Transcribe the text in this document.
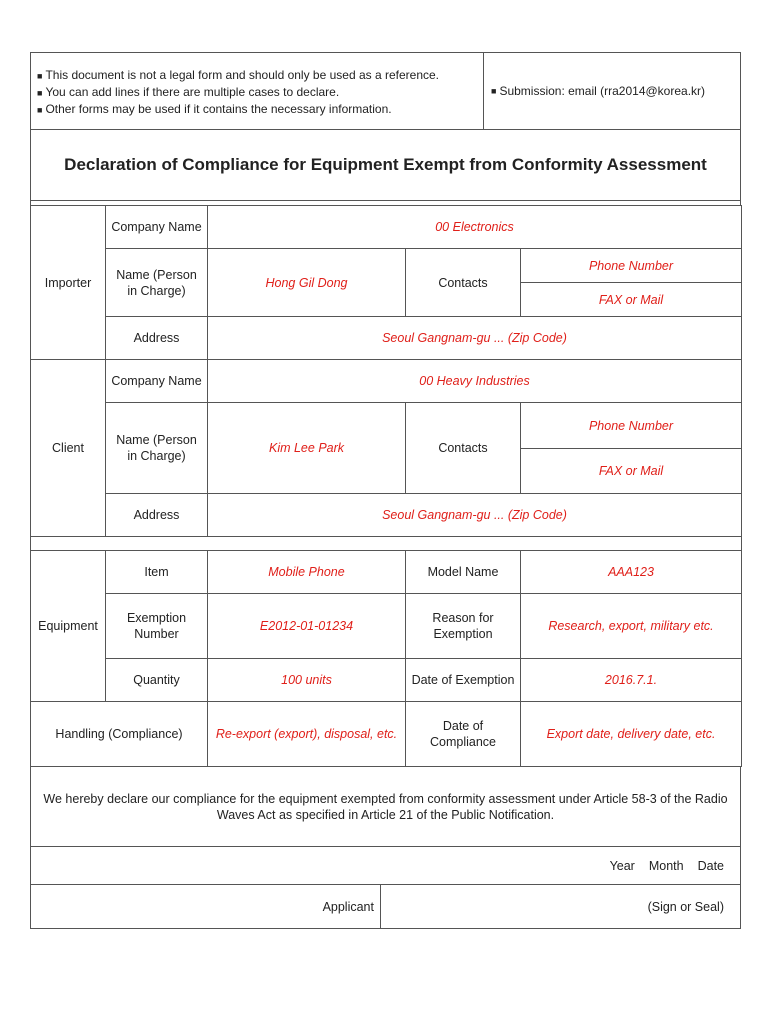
■ This document is not a legal form and should only be used as a reference.
■ You can add lines if there are multiple cases to declare.
■ Other forms may be used if it contains the necessary information.
■ Submission: email (rra2014@korea.kr)
Declaration of Compliance for Equipment Exempt from Conformity Assessment
Importer	Company Name	00 Electronics		
	Name (Person in Charge)	Hong Gil Dong	Contacts	Phone Number
				FAX or Mail
	Address	Seoul Gangnam-gu ... (Zip Code)		
Client	Company Name	00 Heavy Industries		
	Name (Person in Charge)	Kim Lee Park	Contacts	Phone Number
				FAX or Mail
	Address	Seoul Gangnam-gu ... (Zip Code)		

Equipment	Item	Mobile Phone	Model Name	AAA123
	Exemption Number	E2012-01-01234	Reason for Exemption	Research, export, military etc.
	Quantity	100 units	Date of Exemption	2016.7.1.
Handling (Compliance)		Re-export (export), disposal, etc.	Date of Compliance	Export date, delivery date, etc.
We hereby declare our compliance for the equipment exempted from conformity assessment under Article 58-3 of the Radio Waves Act as specified in Article 21 of the Public Notification.
Year Month Date
Applicant	(Sign or Seal)
